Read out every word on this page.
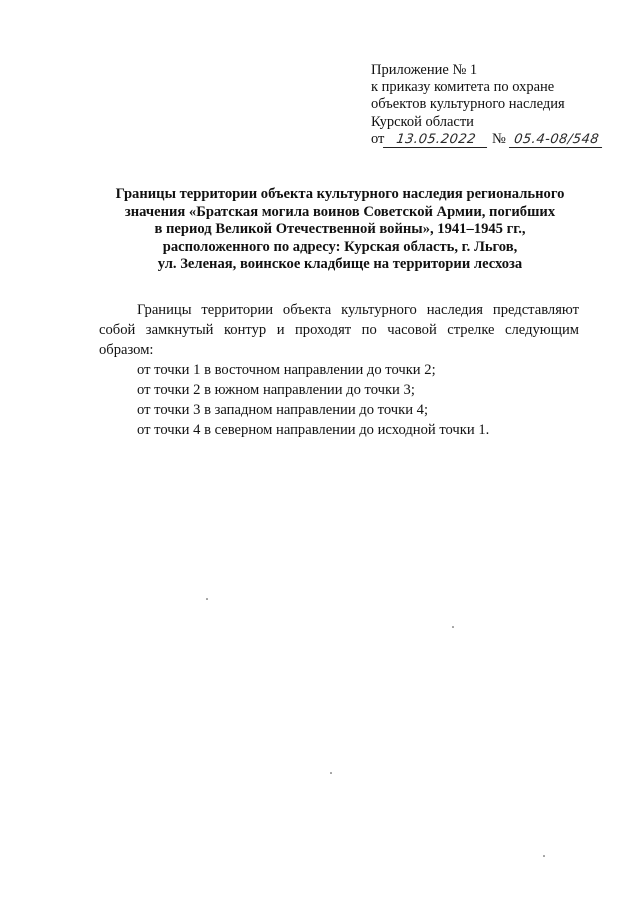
Приложение № 1
к приказу комитета по охране
объектов культурного наследия
Курской области
от 13.05.2022 № 05.4-08/548
Границы территории объекта культурного наследия регионального
значения «Братская могила воинов Советской Армии, погибших
в период Великой Отечественной войны», 1941–1945 гг.,
расположенного по адресу: Курская область, г. Льгов,
ул. Зеленая, воинское кладбище на территории лесхоза

Границы территории объекта культурного наследия представляют собой замкнутый контур и проходят по часовой стрелке следующим образом:

от точки 1 в восточном направлении до точки 2;
от точки 2 в южном направлении до точки 3;
от точки 3 в западном направлении до точки 4;
от точки 4 в северном направлении до исходной точки 1.
